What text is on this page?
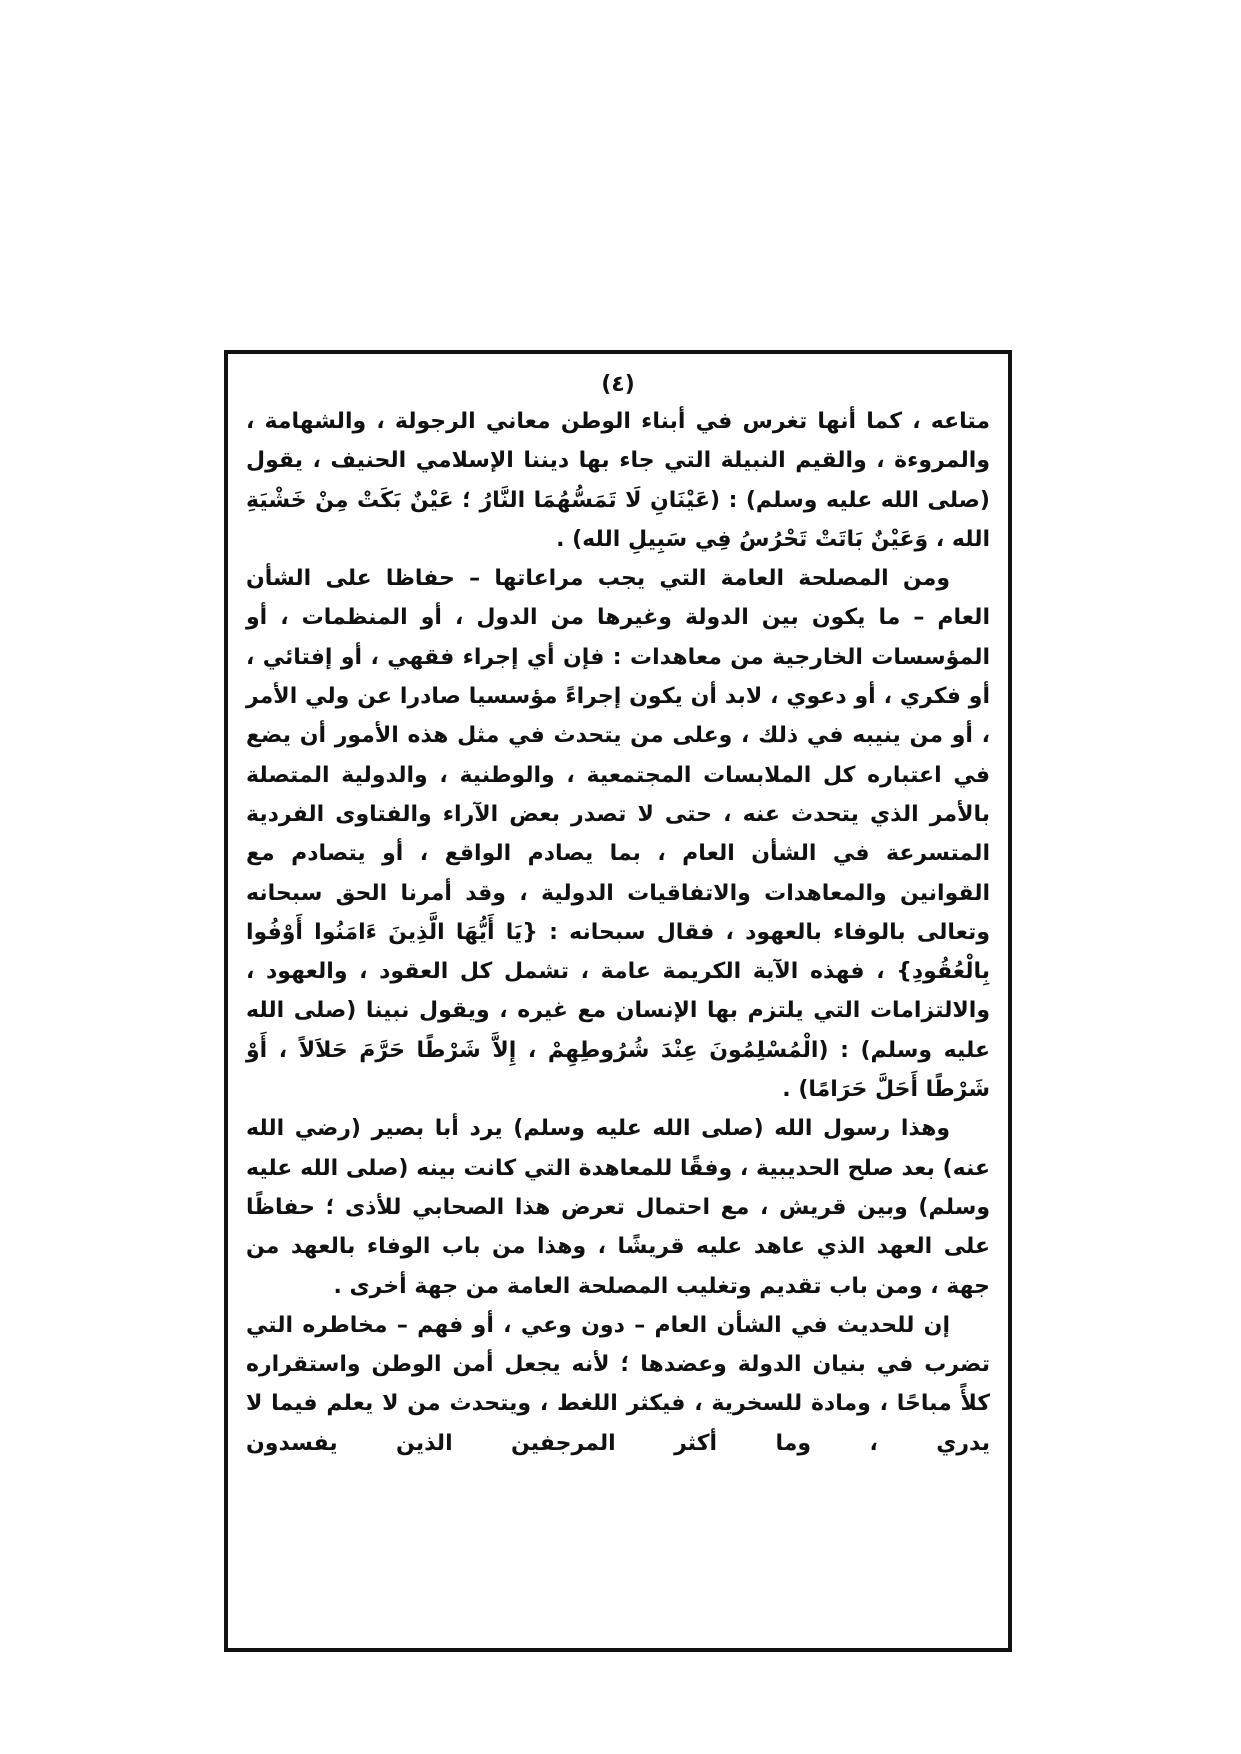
(٤)

متاعه ، كما أنها تغرس في أبناء الوطن معاني الرجولة ، والشهامة ، والمروءة ، والقيم النبيلة التي جاء بها ديننا الإسلامي الحنيف ، يقول (صلى الله عليه وسلم) : (عَيْنَانِ لَا تَمَسُّهُمَا النَّارُ ؛ عَيْنٌ بَكَتْ مِنْ خَشْيَةِ الله ، وَعَيْنٌ بَاتَتْ تَحْرُسُ فِي سَبِيلِ الله) .

ومن المصلحة العامة التي يجب مراعاتها – حفاظا على الشأن العام – ما يكون بين الدولة وغيرها من الدول ، أو المنظمات ، أو المؤسسات الخارجية من معاهدات : فإن أي إجراء فقهي ، أو إفتائي ، أو فكري ، أو دعوي ، لابد أن يكون إجراءً مؤسسيا صادرا عن ولي الأمر ، أو من ينيبه في ذلك ، وعلى من يتحدث في مثل هذه الأمور أن يضع في اعتباره كل الملابسات المجتمعية ، والوطنية ، والدولية المتصلة بالأمر الذي يتحدث عنه ، حتى لا تصدر بعض الآراء والفتاوى الفردية المتسرعة في الشأن العام ، بما يصادم الواقع ، أو يتصادم مع القوانين والمعاهدات والاتفاقيات الدولية ، وقد أمرنا الحق سبحانه وتعالى بالوفاء بالعهود ، فقال سبحانه : {يَا أَيُّهَا الَّذِينَ ءَامَنُوا أَوْفُوا بِالْعُقُودِ} ، فهذه الآية الكريمة عامة ، تشمل كل العقود ، والعهود ، والالتزامات التي يلتزم بها الإنسان مع غيره ، ويقول نبينا (صلى الله عليه وسلم) : (الْمُسْلِمُونَ عِنْدَ شُرُوطِهِمْ ، إِلاَّ شَرْطًا حَرَّمَ حَلاَلاً ، أَوْ شَرْطًا أَحَلَّ حَرَامًا) .

وهذا رسول الله (صلى الله عليه وسلم) يرد أبا بصير (رضي الله عنه) بعد صلح الحديبية ، وفقًا للمعاهدة التي كانت بينه (صلى الله عليه وسلم) وبين قريش ، مع احتمال تعرض هذا الصحابي للأذى ؛ حفاظًا على العهد الذي عاهد عليه قريشًا ، وهذا من باب الوفاء بالعهد من جهة ، ومن باب تقديم وتغليب المصلحة العامة من جهة أخرى .

إن للحديث في الشأن العام – دون وعي ، أو فهم – مخاطره التي تضرب في بنيان الدولة وعضدها ؛ لأنه يجعل أمن الوطن واستقراره كلأً مباحًا ، ومادة للسخرية ، فيكثر اللغط ، ويتحدث من لا يعلم فيما لا يدري ، وما أكثر المرجفين الذين يفسدون
